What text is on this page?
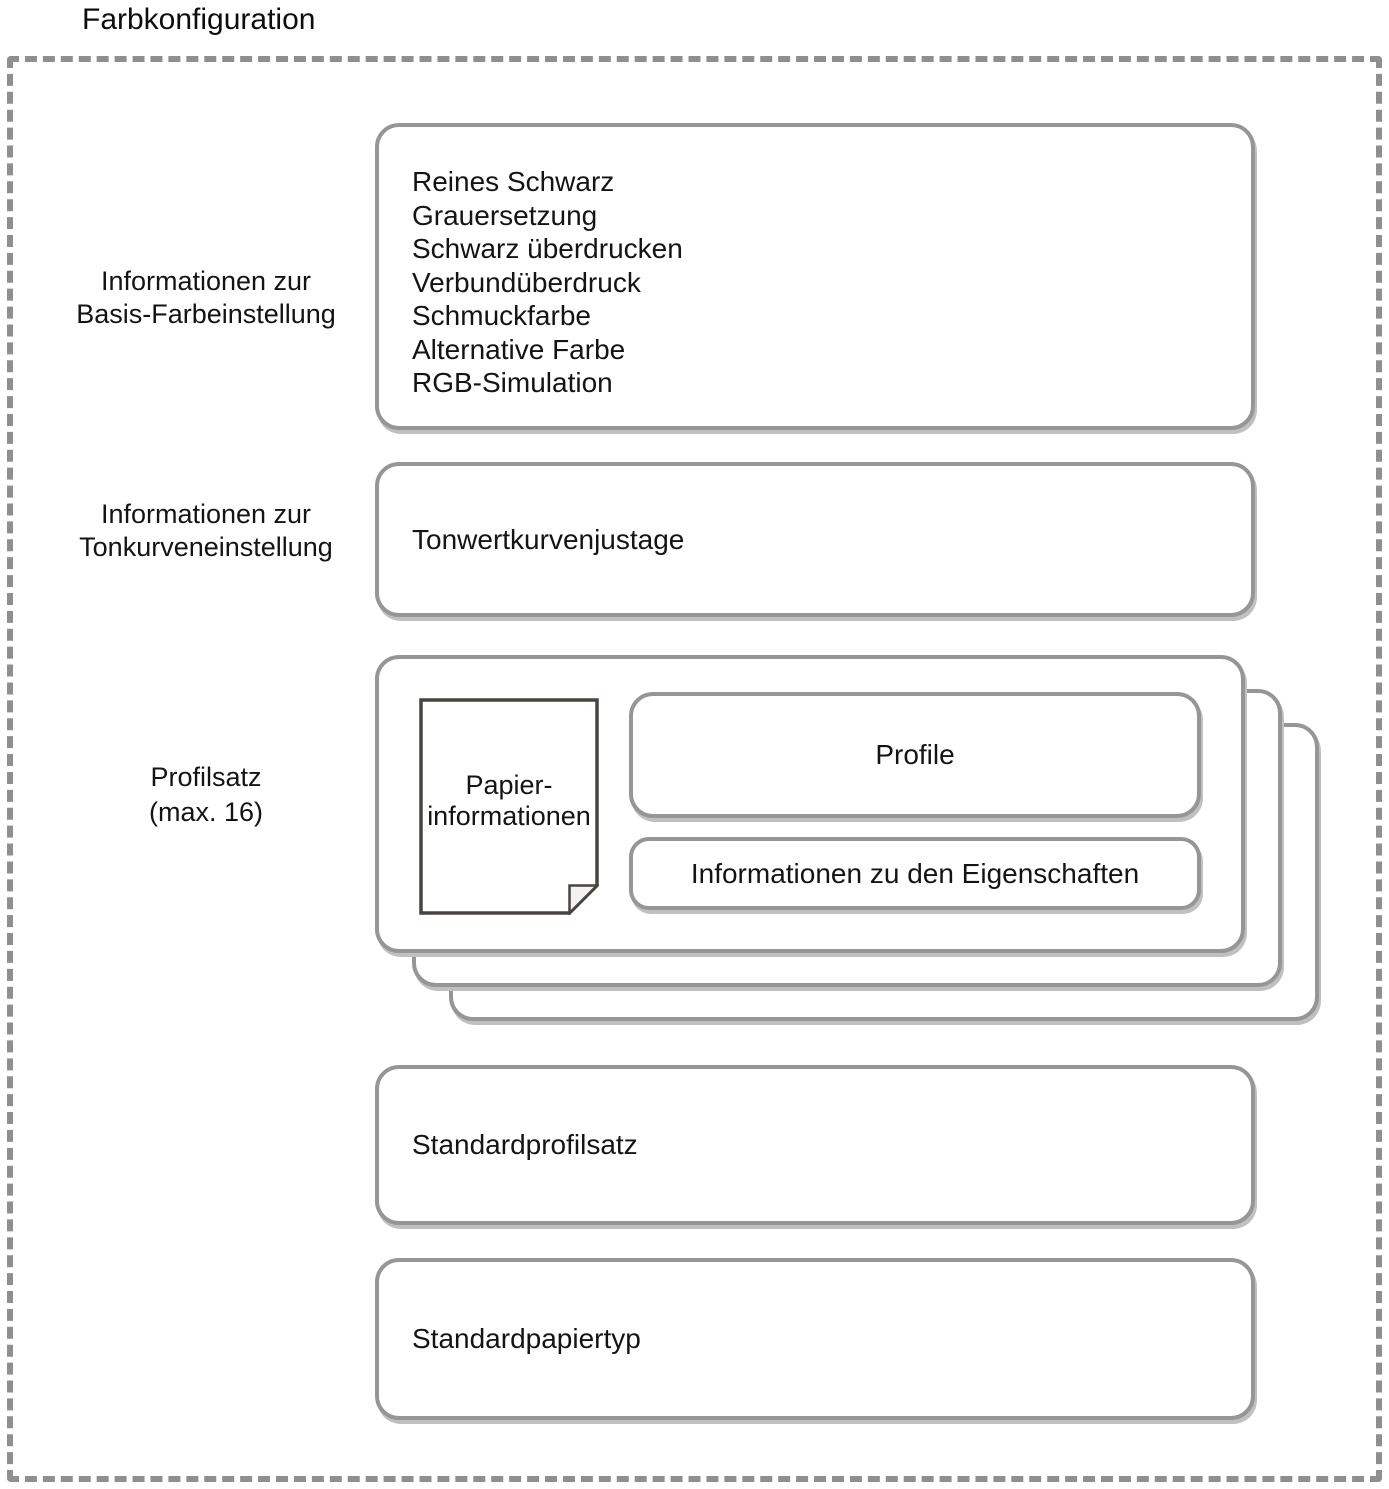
Farbkonfiguration
Informationen zur
Basis-Farbeinstellung
Reines Schwarz
Grauersetzung
Schwarz überdrucken
Verbundüberdruck
Schmuckfarbe
Alternative Farbe
RGB-Simulation
Informationen zur
Tonkurveneinstellung	Tonwertkurvenjustage
Profilsatz
(max. 16)
Papier-
informationen
Profile
Informationen zu den Eigenschaften
Standardprofilsatz
Standardpapiertyp
